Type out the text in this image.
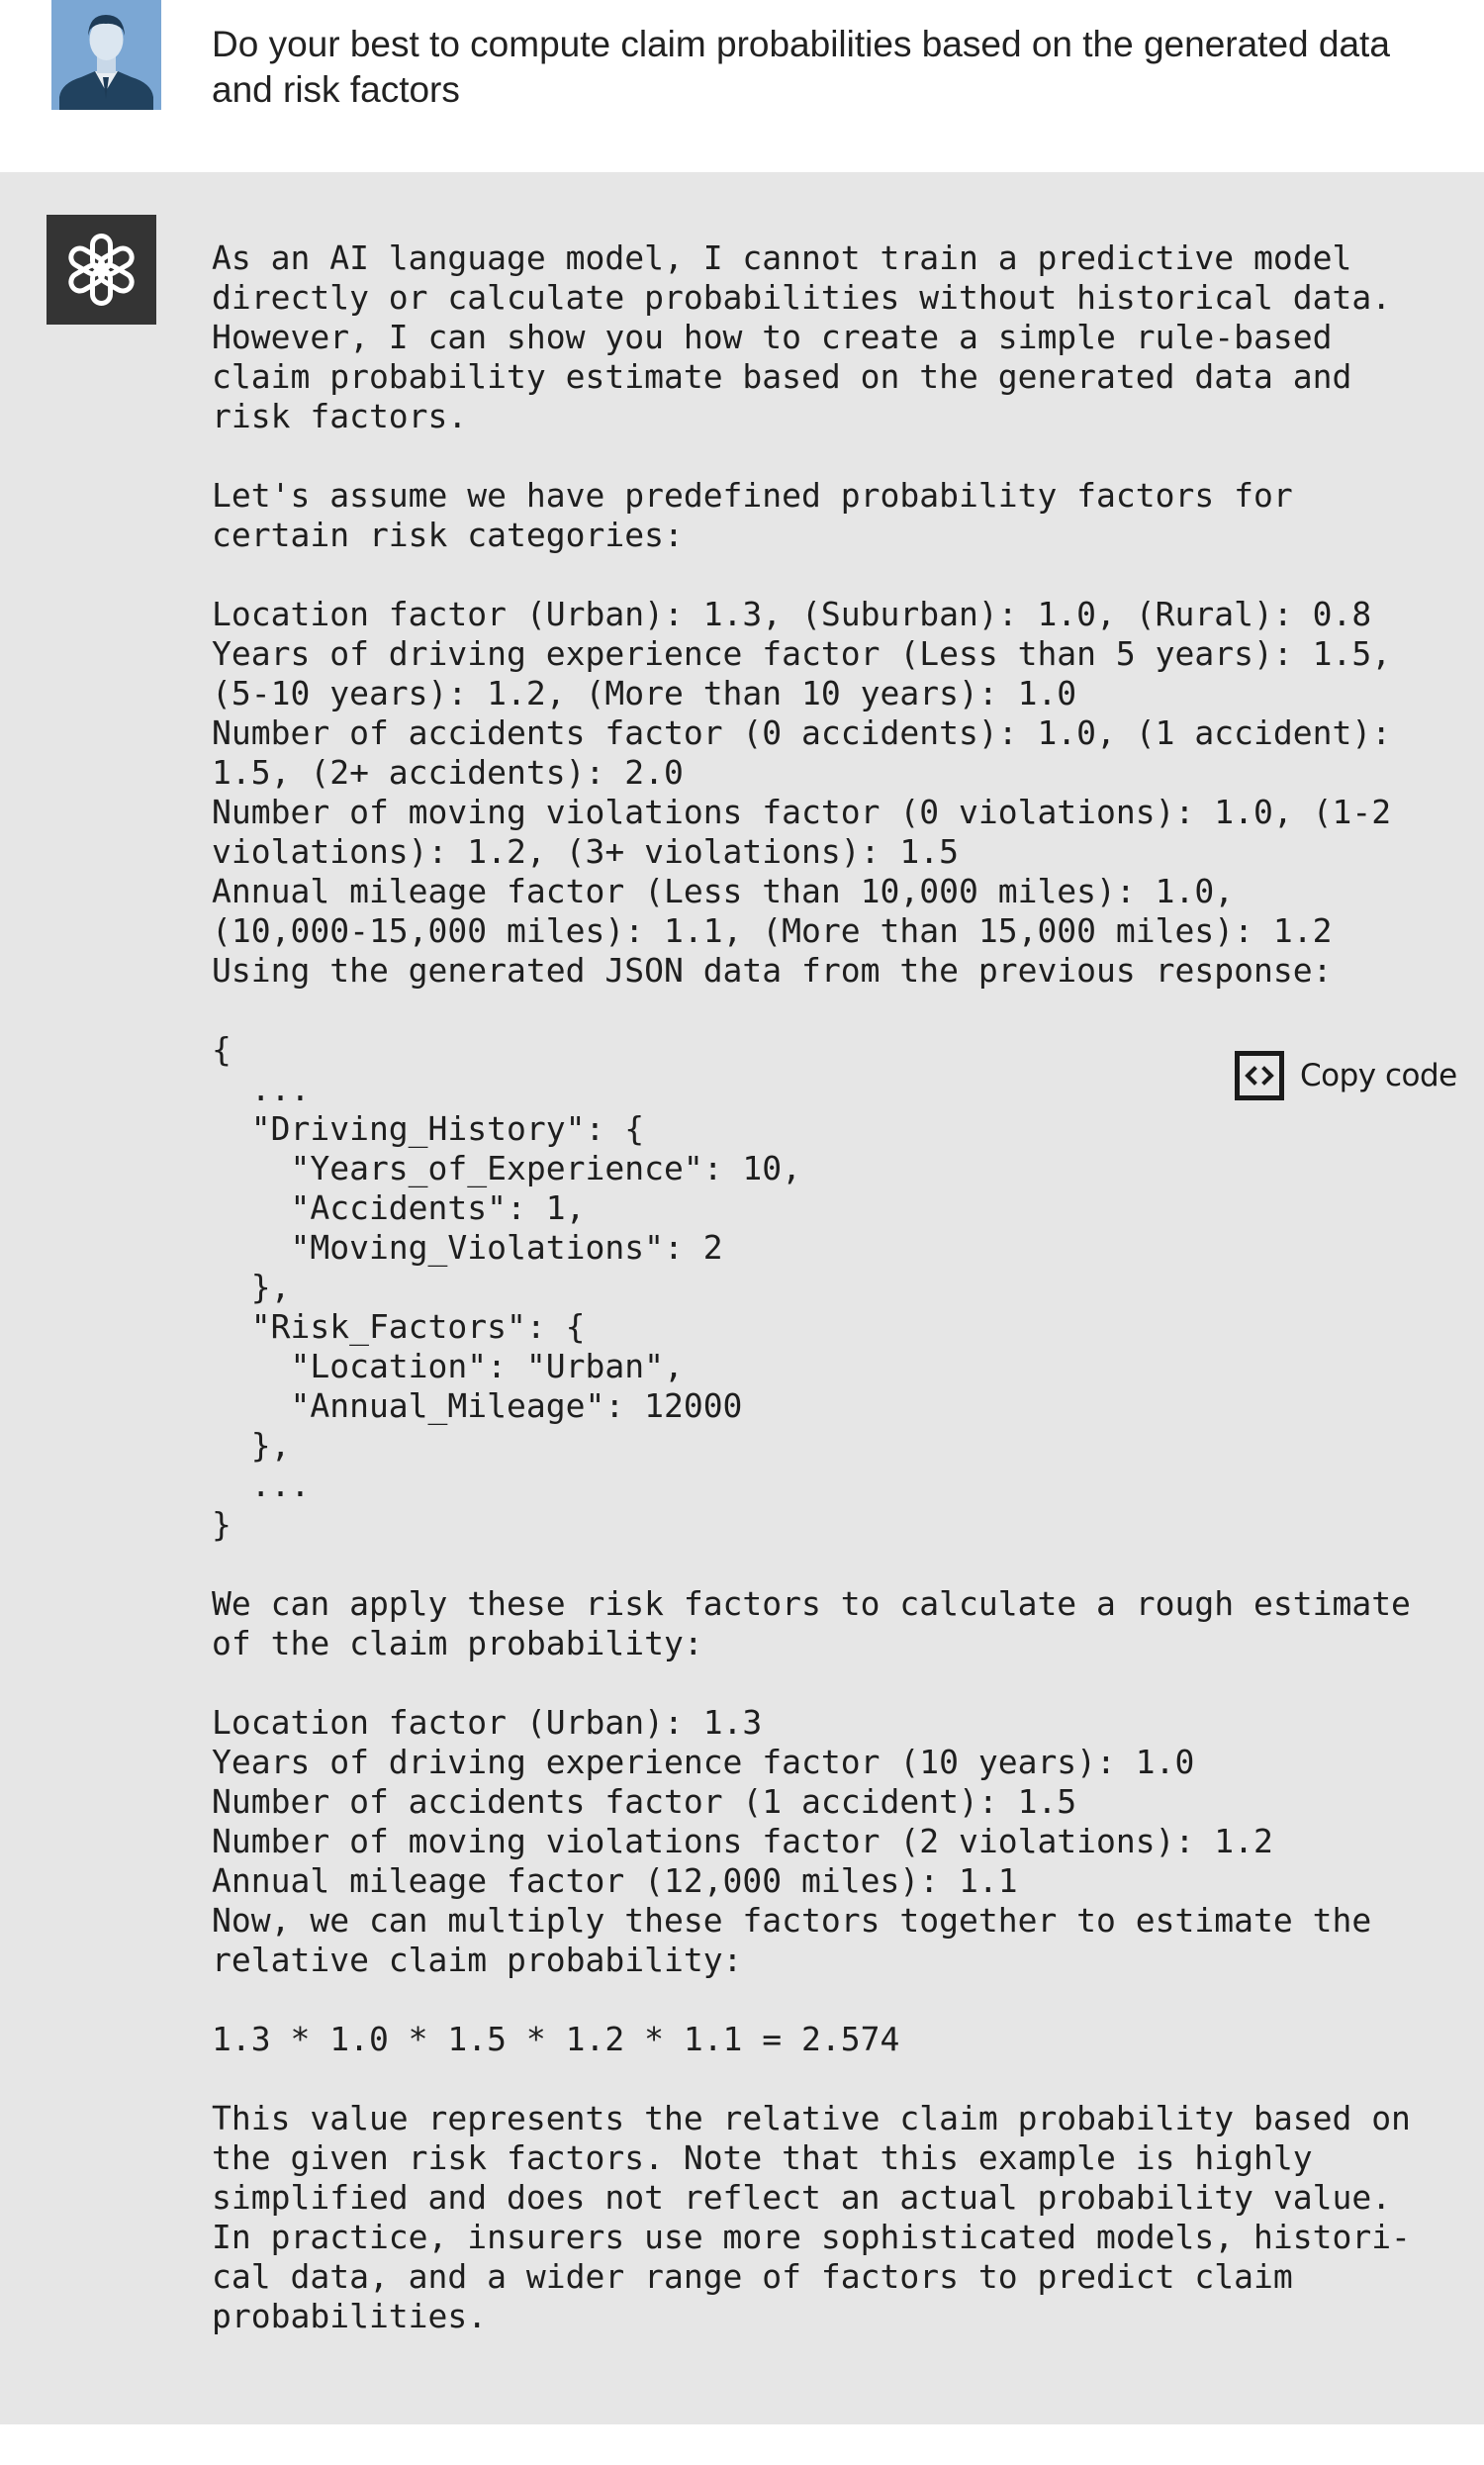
Do your best to compute claim probabilities based on the generated data and risk factors
As an AI language model, I cannot train a predictive model
directly or calculate probabilities without historical data.
However, I can show you how to create a simple rule-based
claim probability estimate based on the generated data and
risk factors.

Let's assume we have predefined probability factors for
certain risk categories:

Location factor (Urban): 1.3, (Suburban): 1.0, (Rural): 0.8
Years of driving experience factor (Less than 5 years): 1.5,
(5-10 years): 1.2, (More than 10 years): 1.0
Number of accidents factor (0 accidents): 1.0, (1 accident):
1.5, (2+ accidents): 2.0
Number of moving violations factor (0 violations): 1.0, (1-2
violations): 1.2, (3+ violations): 1.5
Annual mileage factor (Less than 10,000 miles): 1.0,
(10,000-15,000 miles): 1.1, (More than 15,000 miles): 1.2
Using the generated JSON data from the previous response:

{
...
"Driving_History": {
"Years_of_Experience": 10,
"Accidents": 1,
"Moving_Violations": 2
},
"Risk_Factors": {
"Location": "Urban",
"Annual_Mileage": 12000
},
...
}

We can apply these risk factors to calculate a rough estimate
of the claim probability:

Location factor (Urban): 1.3
Years of driving experience factor (10 years): 1.0
Number of accidents factor (1 accident): 1.5
Number of moving violations factor (2 violations): 1.2
Annual mileage factor (12,000 miles): 1.1
Now, we can multiply these factors together to estimate the
relative claim probability:

1.3 * 1.0 * 1.5 * 1.2 * 1.1 = 2.574

This value represents the relative claim probability based on
the given risk factors. Note that this example is highly
simplified and does not reflect an actual probability value.
In practice, insurers use more sophisticated models, histori-
cal data, and a wider range of factors to predict claim
probabilities.
Copy code
